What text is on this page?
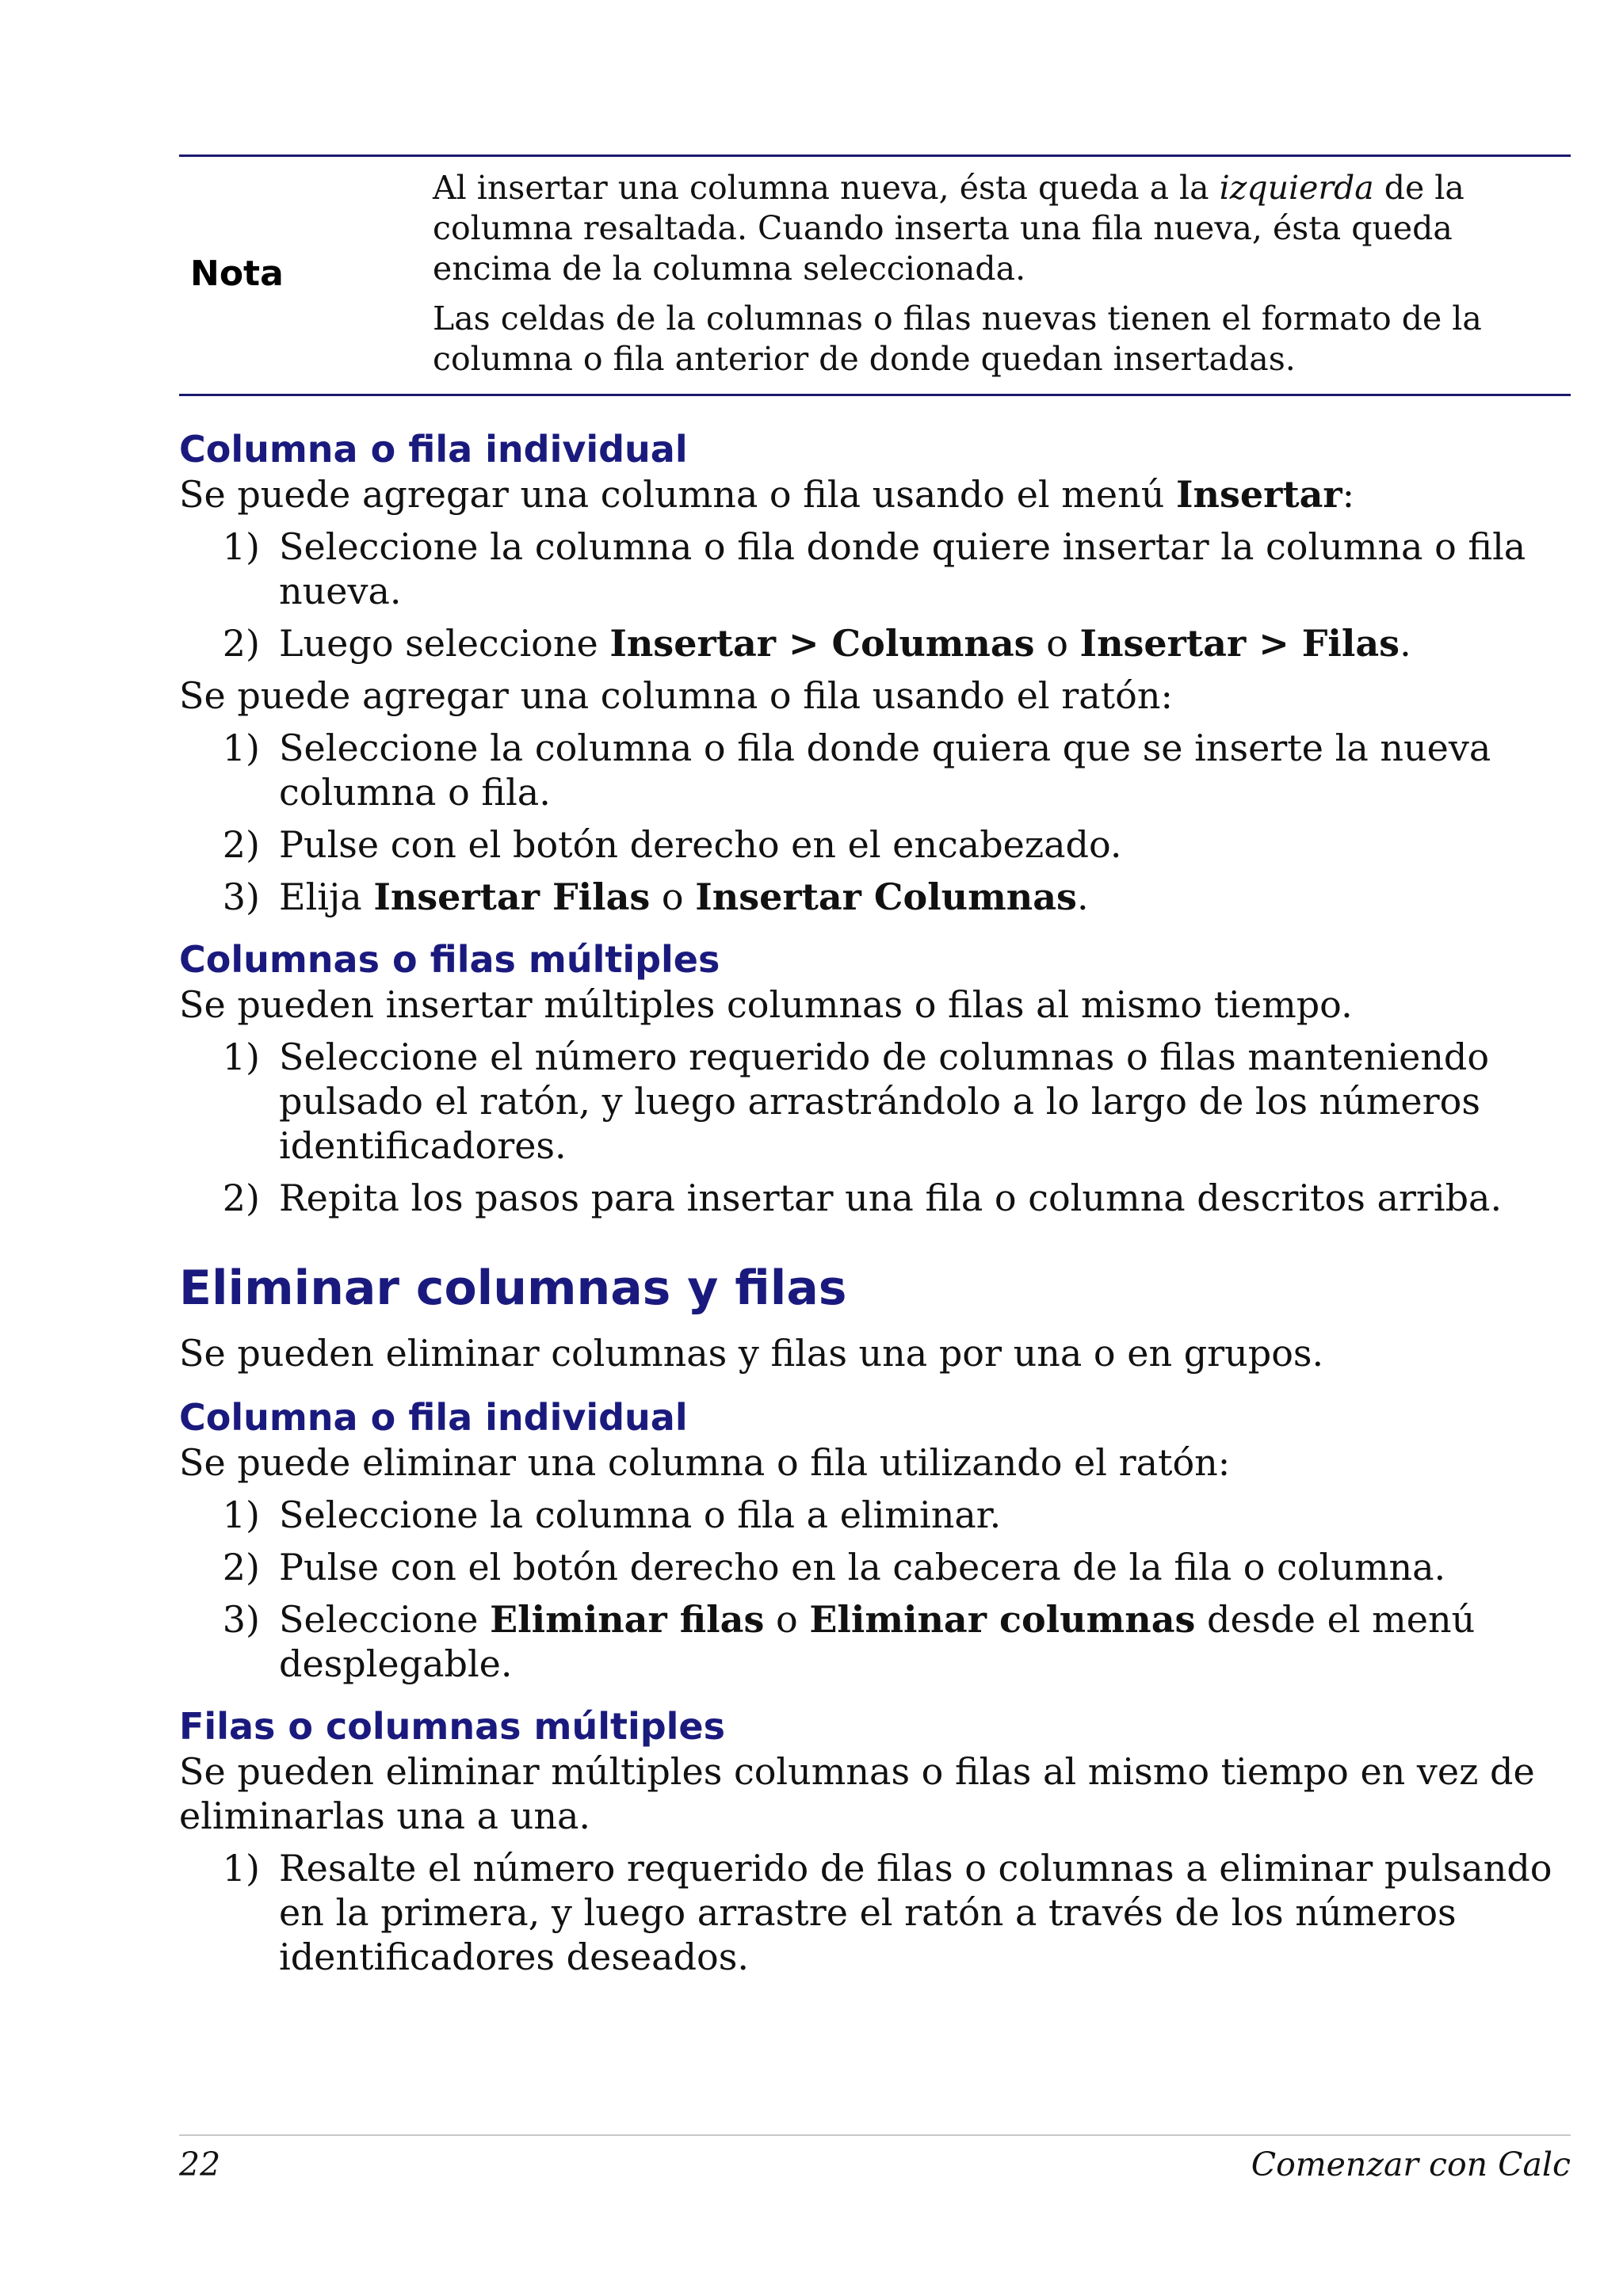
Nota

Al insertar una columna nueva, ésta queda a la izquierda de la columna resaltada. Cuando inserta una fila nueva, ésta queda encima de la columna seleccionada.

Las celdas de la columnas o filas nuevas tienen el formato de la columna o fila anterior de donde quedan insertadas.

Columna o fila individual

Se puede agregar una columna o fila usando el menú Insertar:

1) Seleccione la columna o fila donde quiere insertar la columna o fila nueva.
2) Luego seleccione Insertar > Columnas o Insertar > Filas.

Se puede agregar una columna o fila usando el ratón:

1) Seleccione la columna o fila donde quiera que se inserte la nueva columna o fila.
2) Pulse con el botón derecho en el encabezado.
3) Elija Insertar Filas o Insertar Columnas.
Columnas o filas múltiples

Se pueden insertar múltiples columnas o filas al mismo tiempo.

1) Seleccione el número requerido de columnas o filas manteniendo pulsado el ratón, y luego arrastrándolo a lo largo de los números identificadores.
2) Repita los pasos para insertar una fila o columna descritos arriba.
Eliminar columnas y filas

Se pueden eliminar columnas y filas una por una o en grupos.

Columna o fila individual

Se puede eliminar una columna o fila utilizando el ratón:

1) Seleccione la columna o fila a eliminar.
2) Pulse con el botón derecho en la cabecera de la fila o columna.
3) Seleccione Eliminar filas o Eliminar columnas desde el menú desplegable.
Filas o columnas múltiples

Se pueden eliminar múltiples columnas o filas al mismo tiempo en vez de eliminarlas una a una.

1) Resalte el número requerido de filas o columnas a eliminar pulsando en la primera, y luego arrastre el ratón a través de los números identificadores deseados.
22	Comenzar con Calc
